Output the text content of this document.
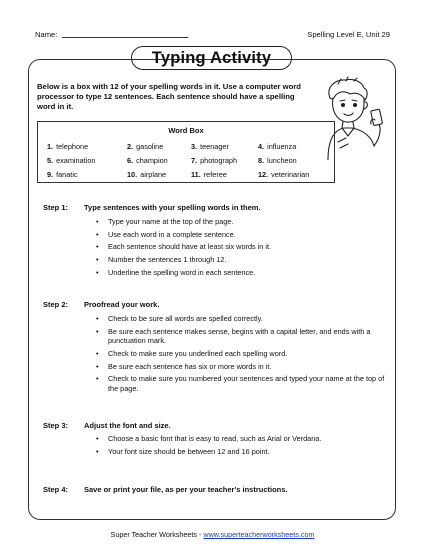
Name:	Spelling Level E, Unit 29
Typing Activity
Below is a box with 12 of your spelling words in it. Use a computer word processor to type 12 sentences. Each sentence should have a spelling word in it.
Word Box
1. telephone	2. gasoline	3. teenager	4. influenza
5. examination	6. champion	7. photograph	8. luncheon
9. fanatic	10. airplane	11. referee	12. veterinarian
Step 1: Type sentences with your spelling words in them.
• Type your name at the top of the page.
• Use each word in a complete sentence.
• Each sentence should have at least six words in it.
• Number the sentences 1 through 12.
• Underline the spelling word in each sentence.
Step 2: Proofread your work.
• Check to be sure all words are spelled correctly.
• Be sure each sentence makes sense, begins with a capital letter, and ends with a punctuation mark.
• Check to make sure you underlined each spelling word.
• Be sure each sentence has six or more words in it.
• Check to make sure you numbered your sentences and typed your name at the top of the page.
Step 3: Adjust the font and size.
• Choose a basic font that is easy to read, such as Arial or Verdana.
• Your font size should be between 12 and 16 point.
Step 4: Save or print your file, as per your teacher's instructions.
Super Teacher Worksheets - www.superteacherworksheets.com
